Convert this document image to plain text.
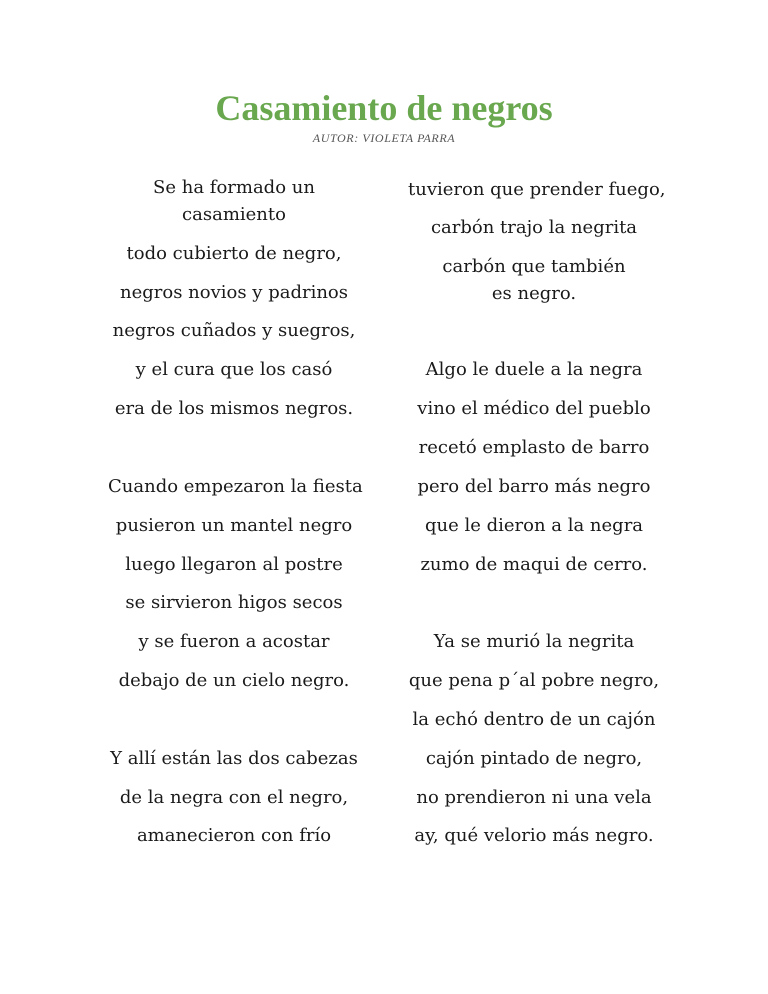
Casamiento de negros
AUTOR: VIOLETA PARRA
Se ha formado un casamiento
todo cubierto de negro,
negros novios y padrinos
negros cuñados y suegros,
y el cura que los casó
era de los mismos negros.
Cuando empezaron la fiesta
pusieron un mantel negro
luego llegaron al postre
se sirvieron higos secos
y se fueron a acostar
debajo de un cielo negro.
Y allí están las dos cabezas
de la negra con el negro,
amanecieron con frío
tuvieron que prender fuego,
carbón trajo la negrita
carbón que también es negro.
Algo le duele a la negra
vino el médico del pueblo
recetó emplasto de barro
pero del barro más negro
que le dieron a la negra
zumo de maqui de cerro.
Ya se murió la negrita
que pena p´al pobre negro,
la echó dentro de un cajón
cajón pintado de negro,
no prendieron ni una vela
ay, qué velorio más negro.
